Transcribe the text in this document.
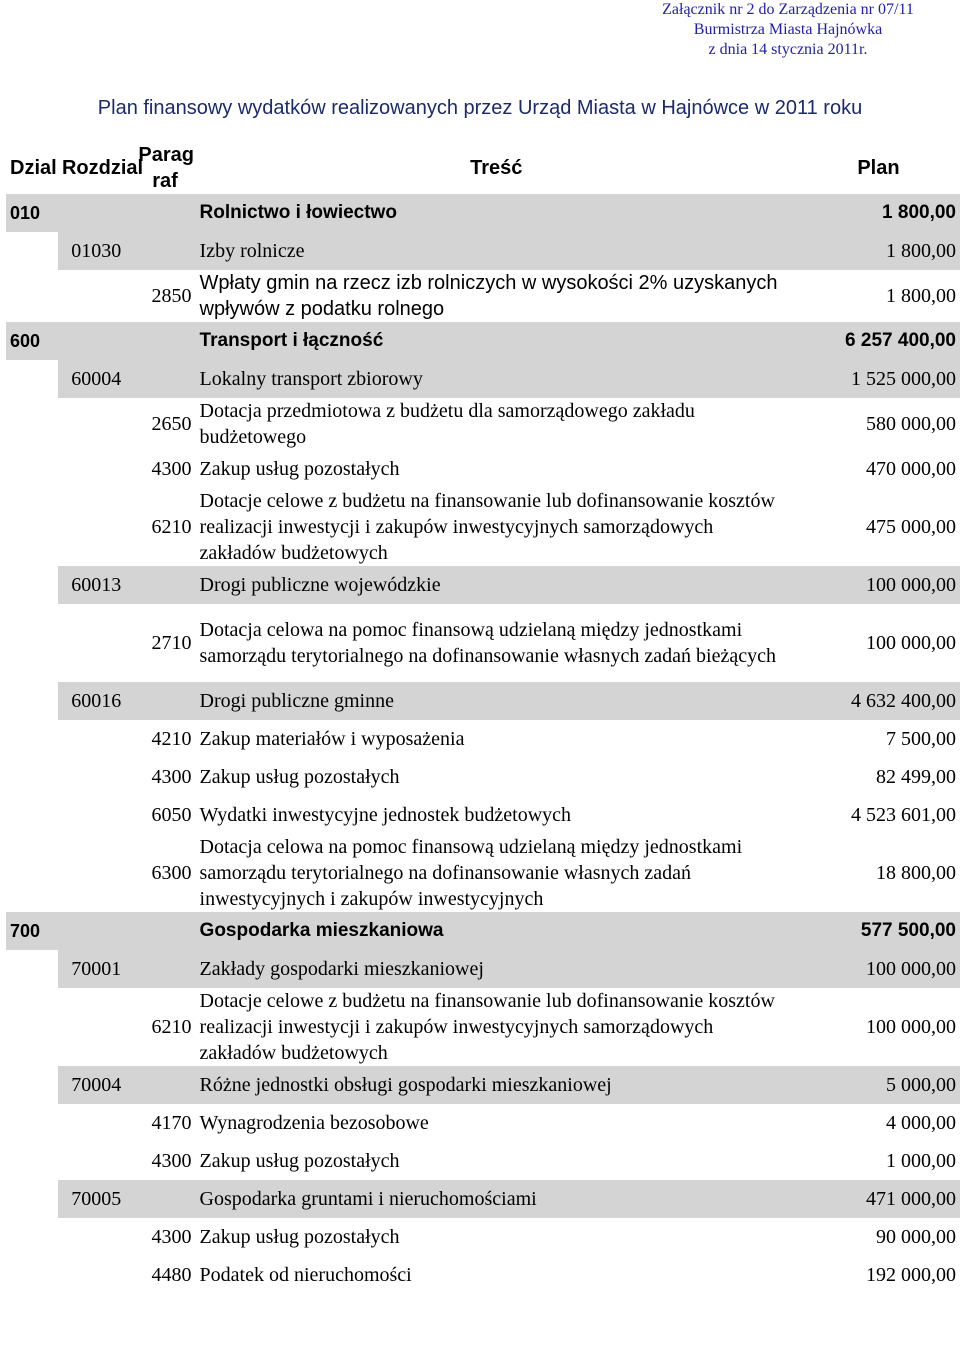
Załącznik nr 2 do Zarządzenia nr 07/11
Burmistrza Miasta Hajnówka
z dnia 14 stycznia 2011r.
Plan finansowy wydatków realizowanych przez Urząd Miasta w Hajnówce w 2011 roku
Dzial	Rozdzial	Parag raf	Treść	Plan
010			Rolnictwo i łowiectwo	1 800,00
	01030		Izby rolnicze	1 800,00
		2850	Wpłaty gmin na rzecz izb rolniczych w wysokości 2% uzyskanych wpływów z podatku rolnego	1 800,00
600			Transport i łączność	6 257 400,00
	60004		Lokalny transport zbiorowy	1 525 000,00
		2650	Dotacja przedmiotowa z budżetu dla samorządowego zakładu budżetowego	580 000,00
		4300	Zakup usług pozostałych	470 000,00
		6210	Dotacje celowe z budżetu na finansowanie lub dofinansowanie kosztów realizacji inwestycji i zakupów inwestycyjnych samorządowych zakładów budżetowych	475 000,00
	60013		Drogi publiczne wojewódzkie	100 000,00
		2710	Dotacja celowa na pomoc finansową udzielaną między jednostkami samorządu terytorialnego na dofinansowanie własnych zadań bieżących	100 000,00
	60016		Drogi publiczne gminne	4 632 400,00
		4210	Zakup materiałów i wyposażenia	7 500,00
		4300	Zakup usług pozostałych	82 499,00
		6050	Wydatki inwestycyjne jednostek budżetowych	4 523 601,00
		6300	Dotacja celowa na pomoc finansową udzielaną między jednostkami samorządu terytorialnego na dofinansowanie własnych zadań inwestycyjnych i zakupów inwestycyjnych	18 800,00
700			Gospodarka mieszkaniowa	577 500,00
	70001		Zakłady gospodarki mieszkaniowej	100 000,00
		6210	Dotacje celowe z budżetu na finansowanie lub dofinansowanie kosztów realizacji inwestycji i zakupów inwestycyjnych samorządowych zakładów budżetowych	100 000,00
	70004		Różne jednostki obsługi gospodarki mieszkaniowej	5 000,00
		4170	Wynagrodzenia bezosobowe	4 000,00
		4300	Zakup usług pozostałych	1 000,00
	70005		Gospodarka gruntami i nieruchomościami	471 000,00
		4300	Zakup usług pozostałych	90 000,00
		4480	Podatek od nieruchomości	192 000,00
